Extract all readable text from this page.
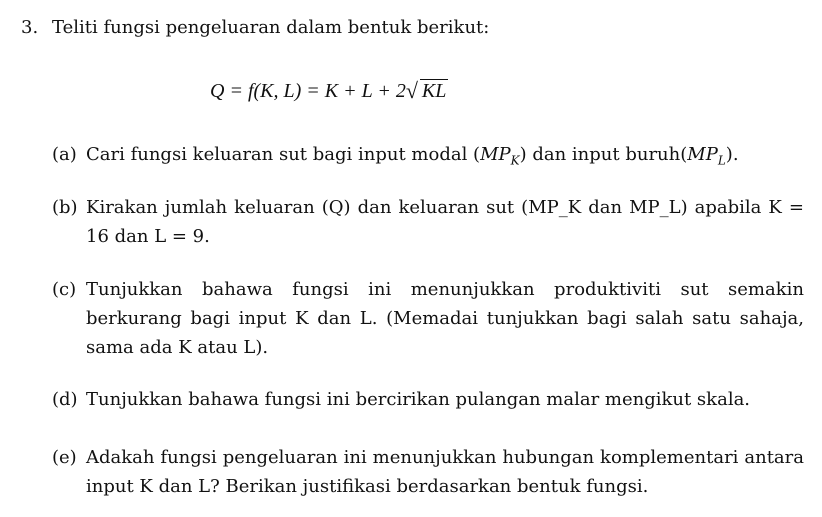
3. Teliti fungsi pengeluaran dalam bentuk berikut:
Q = f(K, L) = K + L + 2√ KL
(a) Cari fungsi keluaran sut bagi input modal $(MP_K)$ dan input $buruh(MP_L)$.
(b) Kirakan jumlah keluaran (Q) dan keluaran sut (MP_K dan MP_L) apabila K = 16 dan L = 9.
(c) Tunjukkan bahawa fungsi ini menunjukkan produktiviti sut semakin berkurang bagi input K dan L. (Memadai tunjukkan bagi salah satu sahaja, sama ada K atau L).
(d) Tunjukkan bahawa fungsi ini bercirikan pulangan malar mengikut skala.
(e) Adakah fungsi pengeluaran ini menunjukkan hubungan komplementari antara input K dan L? Berikan justifikasi berdasarkan bentuk fungsi.
